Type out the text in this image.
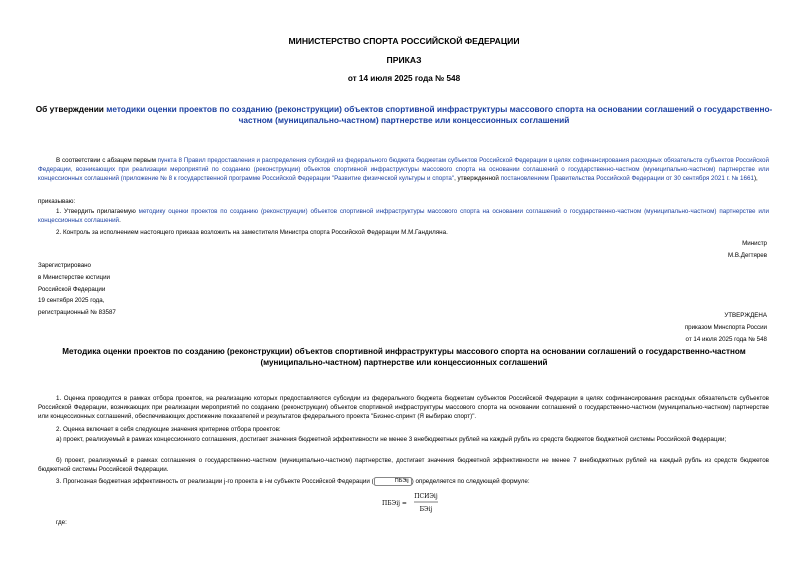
МИНИСТЕРСТВО СПОРТА РОССИЙСКОЙ ФЕДЕРАЦИИ
ПРИКАЗ
от 14 июля 2025 года № 548
Об утверждении методики оценки проектов по созданию (реконструкции) объектов спортивной инфраструктуры массового спорта на основании соглашений о государственно-частном (муниципально-частном) партнерстве или концессионных соглашений
В соответствии с абзацем первым пункта 8 Правил предоставления и распределения субсидий из федерального бюджета бюджетам субъектов Российской Федерации в целях софинансирования расходных обязательств субъектов Российской Федерации, возникающих при реализации мероприятий по созданию (реконструкции) объектов спортивной инфраструктуры массового спорта на основании соглашений о государственно-частном (муниципально-частном) партнерстве или концессионных соглашений (приложение № 8 к государственной программе Российской Федерации "Развитие физической культуры и спорта", утвержденной постановлением Правительства Российской Федерации от 30 сентября 2021 г. № 1661),
приказываю:
1. Утвердить прилагаемую методику оценки проектов по созданию (реконструкции) объектов спортивной инфраструктуры массового спорта на основании соглашений о государственно-частном (муниципально-частном) партнерстве или концессионных соглашений.
2. Контроль за исполнением настоящего приказа возложить на заместителя Министра спорта Российской Федерации М.М.Гандиляна.
Министр
М.В.Дегтярев
Зарегистрировано
в Министерстве юстиции
Российской Федерации
19 сентября 2025 года,
регистрационный № 83587	УТВЕРЖДЕНА
приказом Минспорта России
от 14 июля 2025 года № 548
Методика оценки проектов по созданию (реконструкции) объектов спортивной инфраструктуры массового спорта на основании соглашений о государственно-частном (муниципально-частном) партнерстве или концессионных соглашений
1. Оценка проводится в рамках отбора проектов, на реализацию которых предоставляются субсидии из федерального бюджета бюджетам субъектов Российской Федерации в целях софинансирования расходных обязательств субъектов Российской Федерации, возникающих при реализации мероприятий по созданию (реконструкции) объектов спортивной инфраструктуры массового спорта на основании соглашений о государственно-частном (муниципально-частном) партнерстве или концессионных соглашений, обеспечивающих достижение показателей и результатов федерального проекта "Бизнес-спринт (Я выбираю спорт)".
2. Оценка включает в себя следующие значения критериев отбора проектов:
а) проект, реализуемый в рамках концессионного соглашения, достигает значения бюджетной эффективности не менее 3 внебюджетных рублей на каждый рубль из средств бюджетов бюджетной системы Российской Федерации;
б) проект, реализуемый в рамках соглашения о государственно-частном (муниципально-частном) партнерстве, достигает значения бюджетной эффективности не менее 7 внебюджетных рублей на каждый рубль из средств бюджетов бюджетной системы Российской Федерации.
3. Прогнозная бюджетная эффективность от реализации j-го проекта в i-м субъекте Российской Федерации (	ПБЭij ) определяется по следующей формуле:
ПБЭij =
ПСИЭij
БЭij
где:
